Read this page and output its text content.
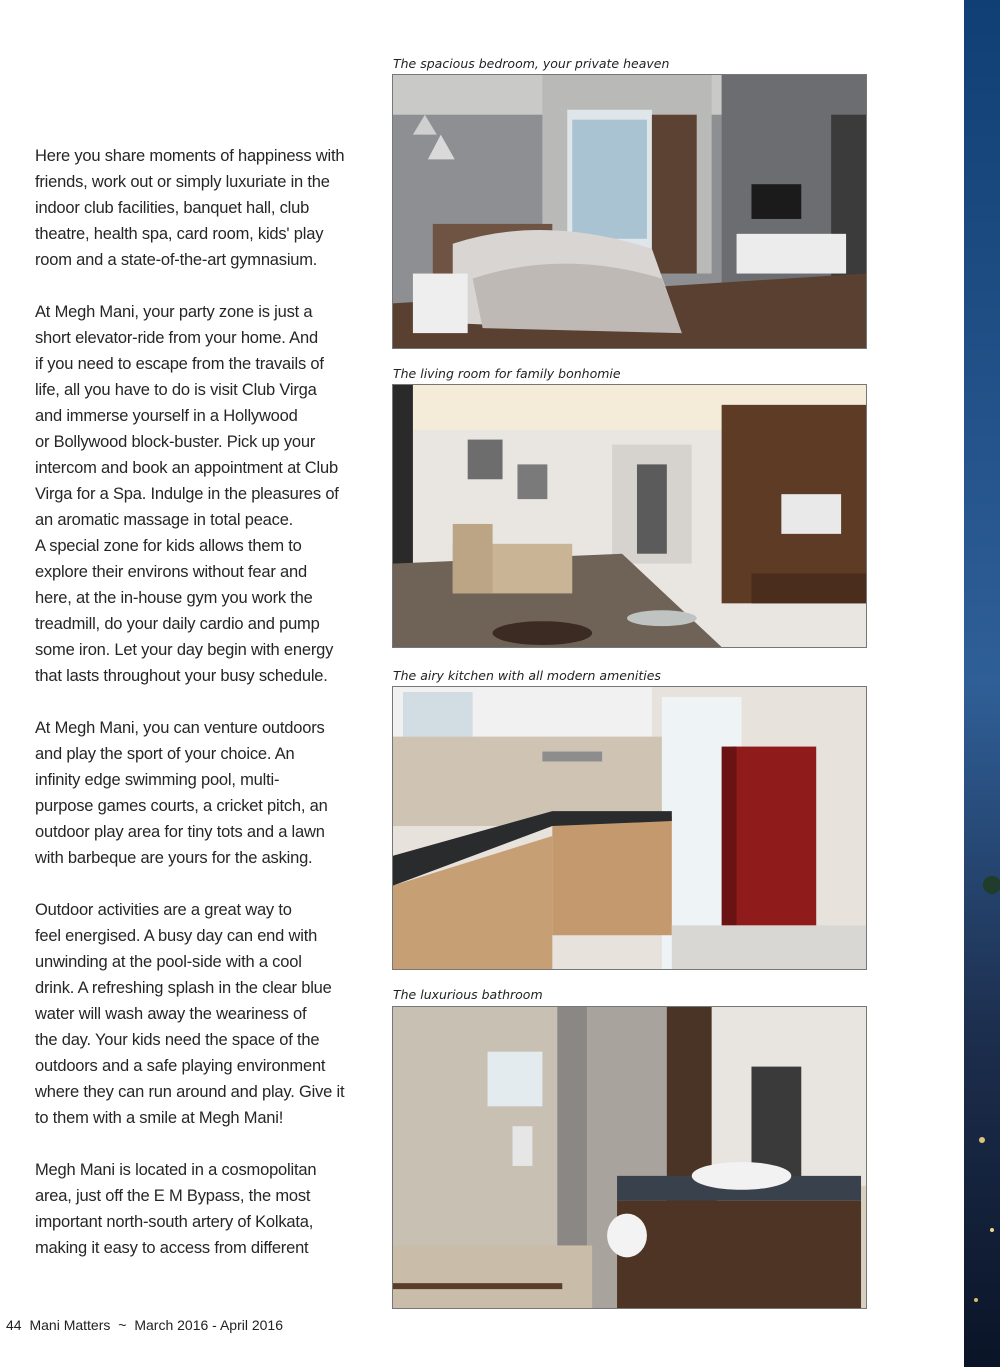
Here you share moments of happiness with
friends, work out or simply luxuriate in the
indoor club facilities, banquet hall, club
theatre, health spa, card room, kids' play
room and a state-of-the-art gymnasium.

At Megh Mani, your party zone is just a
short elevator-ride from your home. And
if you need to escape from the travails of
life, all you have to do is visit Club Virga
and immerse yourself in a Hollywood
or Bollywood block-buster. Pick up your
intercom and book an appointment at Club
Virga for a Spa. Indulge in the pleasures of
an aromatic massage in total peace.
A special zone for kids allows them to
explore their environs without fear and
here, at the in-house gym you work the
treadmill, do your daily cardio and pump
some iron. Let your day begin with energy
that lasts throughout your busy schedule.

At Megh Mani, you can venture outdoors
and play the sport of your choice. An
infinity edge swimming pool, multi-
purpose games courts, a cricket pitch, an
outdoor play area for tiny tots and a lawn
with barbeque are yours for the asking.

Outdoor activities are a great way to
feel energised. A busy day can end with
unwinding at the pool-side with a cool
drink. A refreshing splash in the clear blue
water will wash away the weariness of
the day. Your kids need the space of the
outdoors and a safe playing environment
where they can run around and play. Give it
to them with a smile at Megh Mani!

Megh Mani is located in a cosmopolitan
area, just off the E M Bypass, the most
important north-south artery of Kolkata,
making it easy to access from different

The spacious bedroom, your private heaven
The living room for family bonhomie
The airy kitchen with all modern amenities
The luxurious bathroom
44 Mani Matters ~ March 2016 - April 2016
